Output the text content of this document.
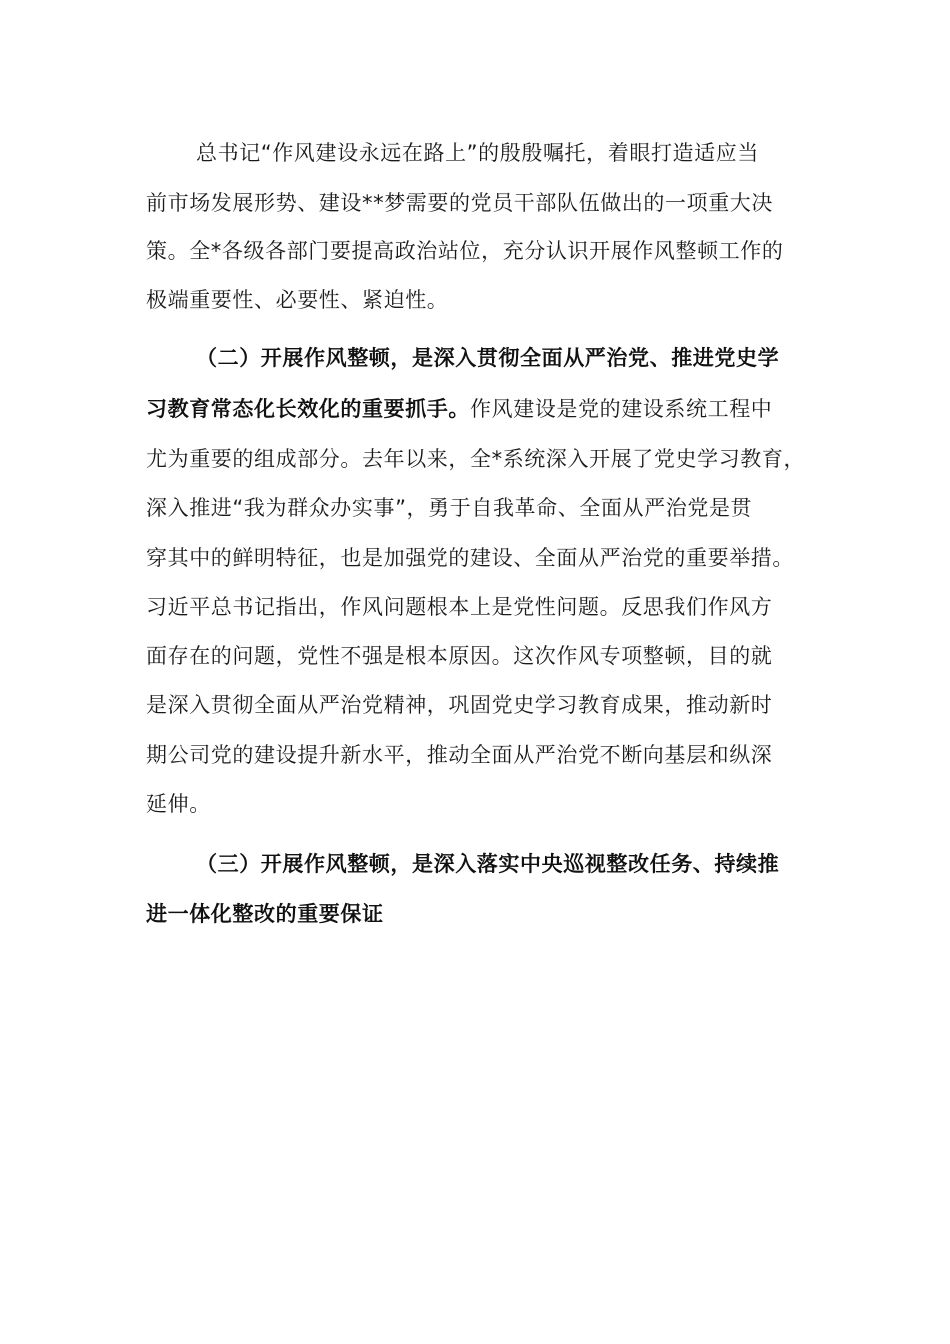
总书记“作风建设永远在路上”的殷殷嘱托，着眼打造适应当
前市场发展形势、建设**梦需要的党员干部队伍做出的一项重大决
策。全*各级各部门要提高政治站位，充分认识开展作风整顿工作的
极端重要性、必要性、紧迫性。
（二）开展作风整顿，是深入贯彻全面从严治党、推进党史学
习教育常态化长效化的重要抓手。作风建设是党的建设系统工程中
尤为重要的组成部分。去年以来，全*系统深入开展了党史学习教育，
深入推进“我为群众办实事”，勇于自我革命、全面从严治党是贯
穿其中的鲜明特征，也是加强党的建设、全面从严治党的重要举措。
习近平总书记指出，作风问题根本上是党性问题。反思我们作风方
面存在的问题，党性不强是根本原因。这次作风专项整顿，目的就
是深入贯彻全面从严治党精神，巩固党史学习教育成果，推动新时
期公司党的建设提升新水平，推动全面从严治党不断向基层和纵深
延伸。
（三）开展作风整顿，是深入落实中央巡视整改任务、持续推
进一体化整改的重要保证
